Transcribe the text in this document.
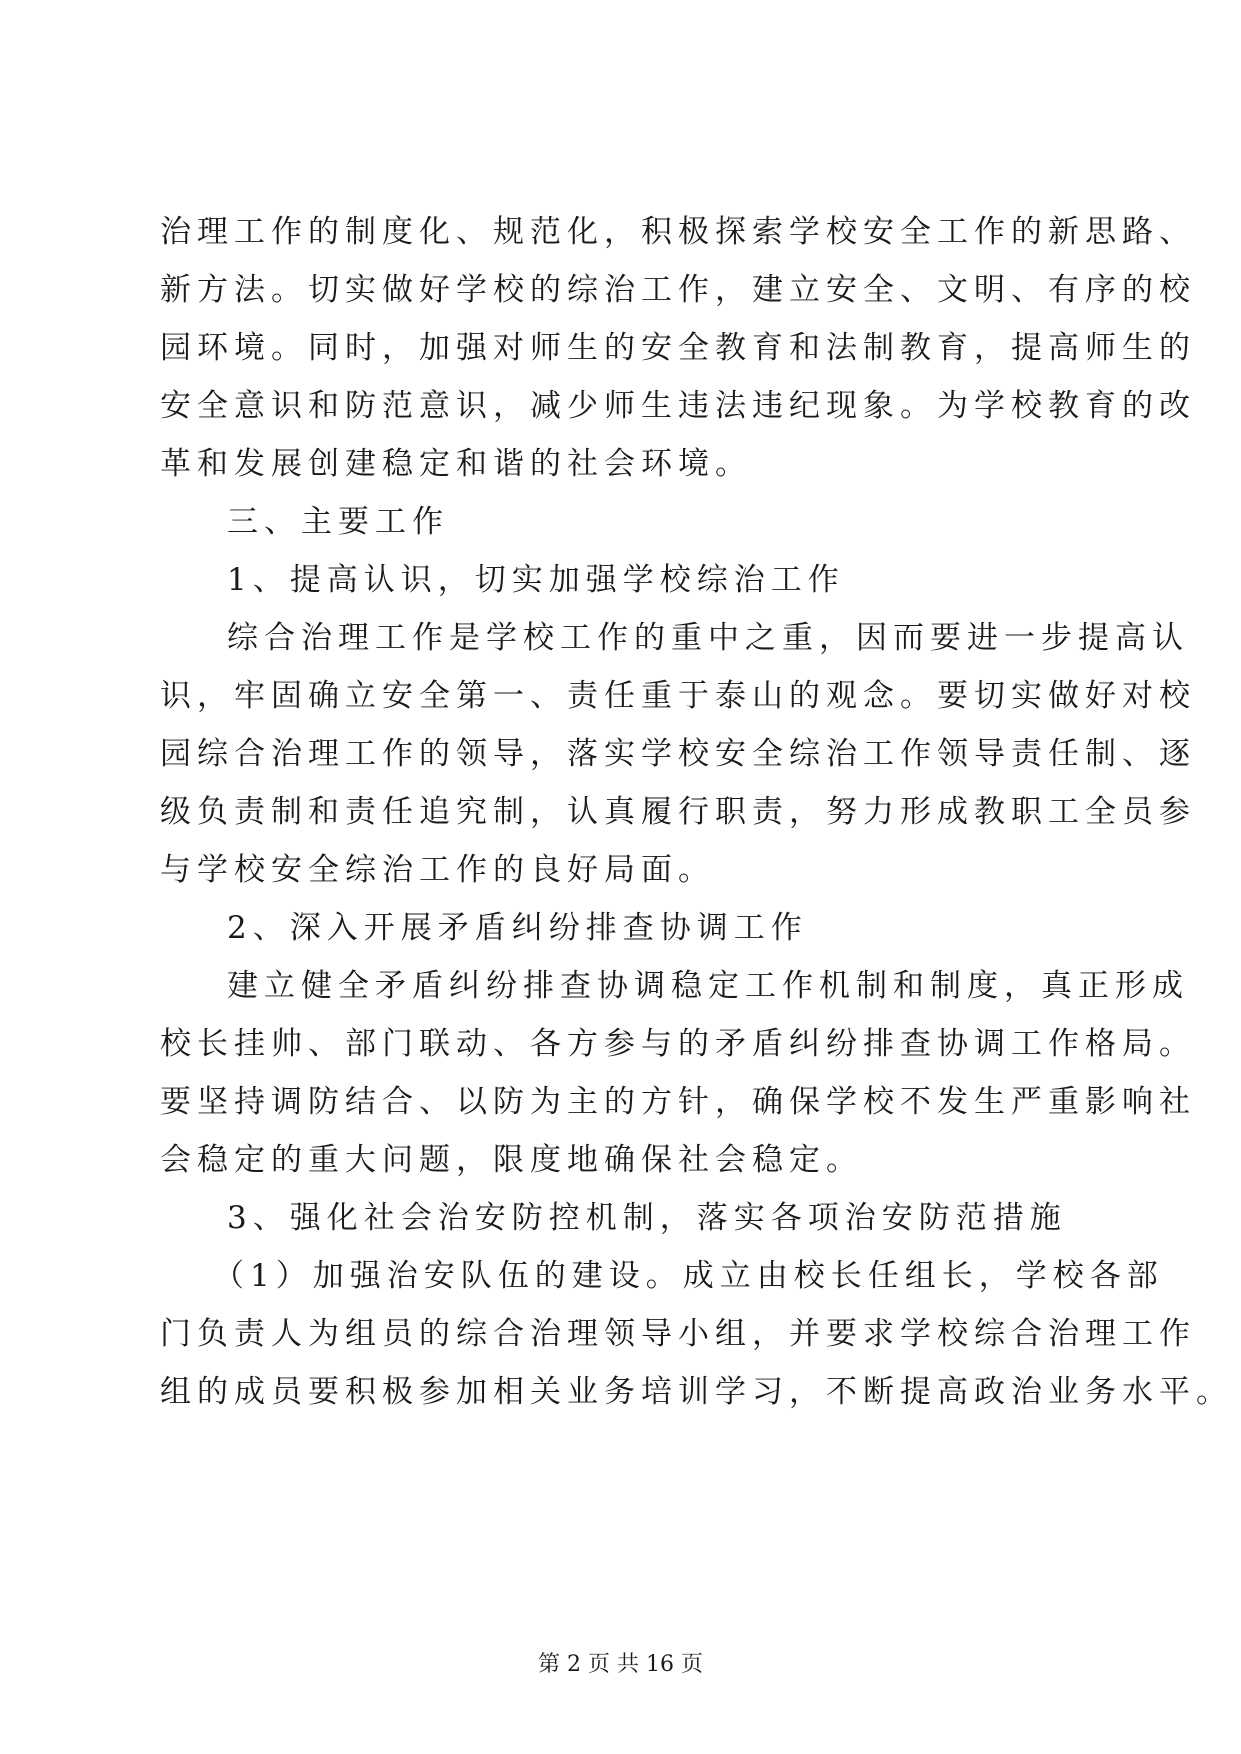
治理工作的制度化、规范化，积极探索学校安全工作的新思路、
新方法。切实做好学校的综治工作，建立安全、文明、有序的校
园环境。同时，加强对师生的安全教育和法制教育，提高师生的
安全意识和防范意识，减少师生违法违纪现象。为学校教育的改
革和发展创建稳定和谐的社会环境。
三、主要工作
1、提高认识，切实加强学校综治工作
综合治理工作是学校工作的重中之重，因而要进一步提高认
识，牢固确立安全第一、责任重于泰山的观念。要切实做好对校
园综合治理工作的领导，落实学校安全综治工作领导责任制、逐
级负责制和责任追究制，认真履行职责，努力形成教职工全员参
与学校安全综治工作的良好局面。
2、深入开展矛盾纠纷排查协调工作
建立健全矛盾纠纷排查协调稳定工作机制和制度，真正形成
校长挂帅、部门联动、各方参与的矛盾纠纷排查协调工作格局。
要坚持调防结合、以防为主的方针，确保学校不发生严重影响社
会稳定的重大问题，限度地确保社会稳定。
3、强化社会治安防控机制，落实各项治安防范措施
（1）加强治安队伍的建设。成立由校长任组长，学校各部
门负责人为组员的综合治理领导小组，并要求学校综合治理工作
组的成员要积极参加相关业务培训学习，不断提高政治业务水平。
第 2 页 共 16 页
